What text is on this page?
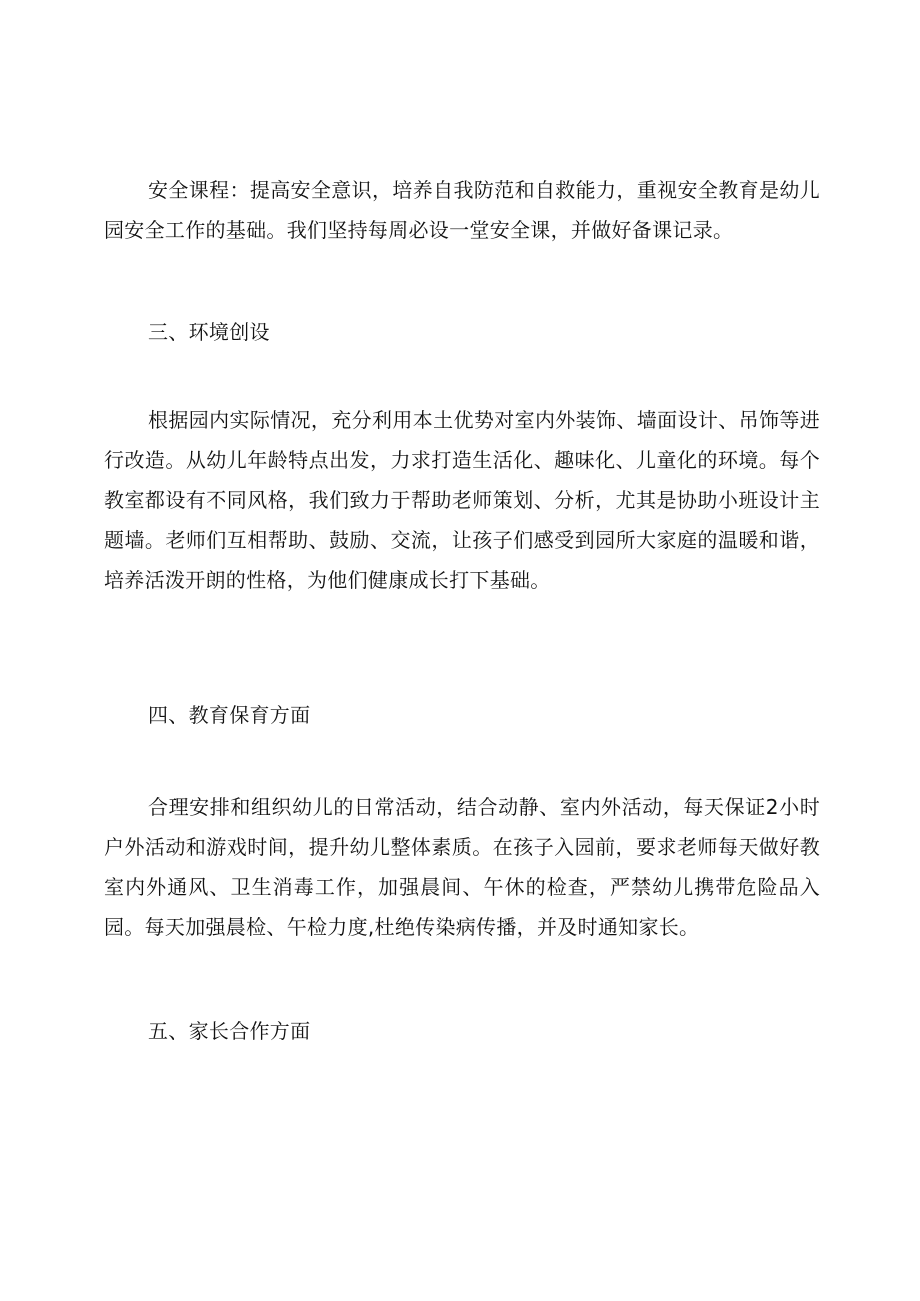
安全课程：提高安全意识，培养自我防范和自救能力，重视安全教育是幼儿园安全工作的基础。我们坚持每周必设一堂安全课，并做好备课记录。

三、环境创设

根据园内实际情况，充分利用本土优势对室内外装饰、墙面设计、吊饰等进行改造。从幼儿年龄特点出发，力求打造生活化、趣味化、儿童化的环境。每个教室都设有不同风格，我们致力于帮助老师策划、分析，尤其是协助小班设计主题墙。老师们互相帮助、鼓励、交流，让孩子们感受到园所大家庭的温暖和谐，培养活泼开朗的性格，为他们健康成长打下基础。

四、教育保育方面

合理安排和组织幼儿的日常活动，结合动静、室内外活动，每天保证2小时户外活动和游戏时间，提升幼儿整体素质。在孩子入园前，要求老师每天做好教室内外通风、卫生消毒工作，加强晨间、午休的检查，严禁幼儿携带危险品入园。每天加强晨检、午检力度,杜绝传染病传播，并及时通知家长。

五、家长合作方面
